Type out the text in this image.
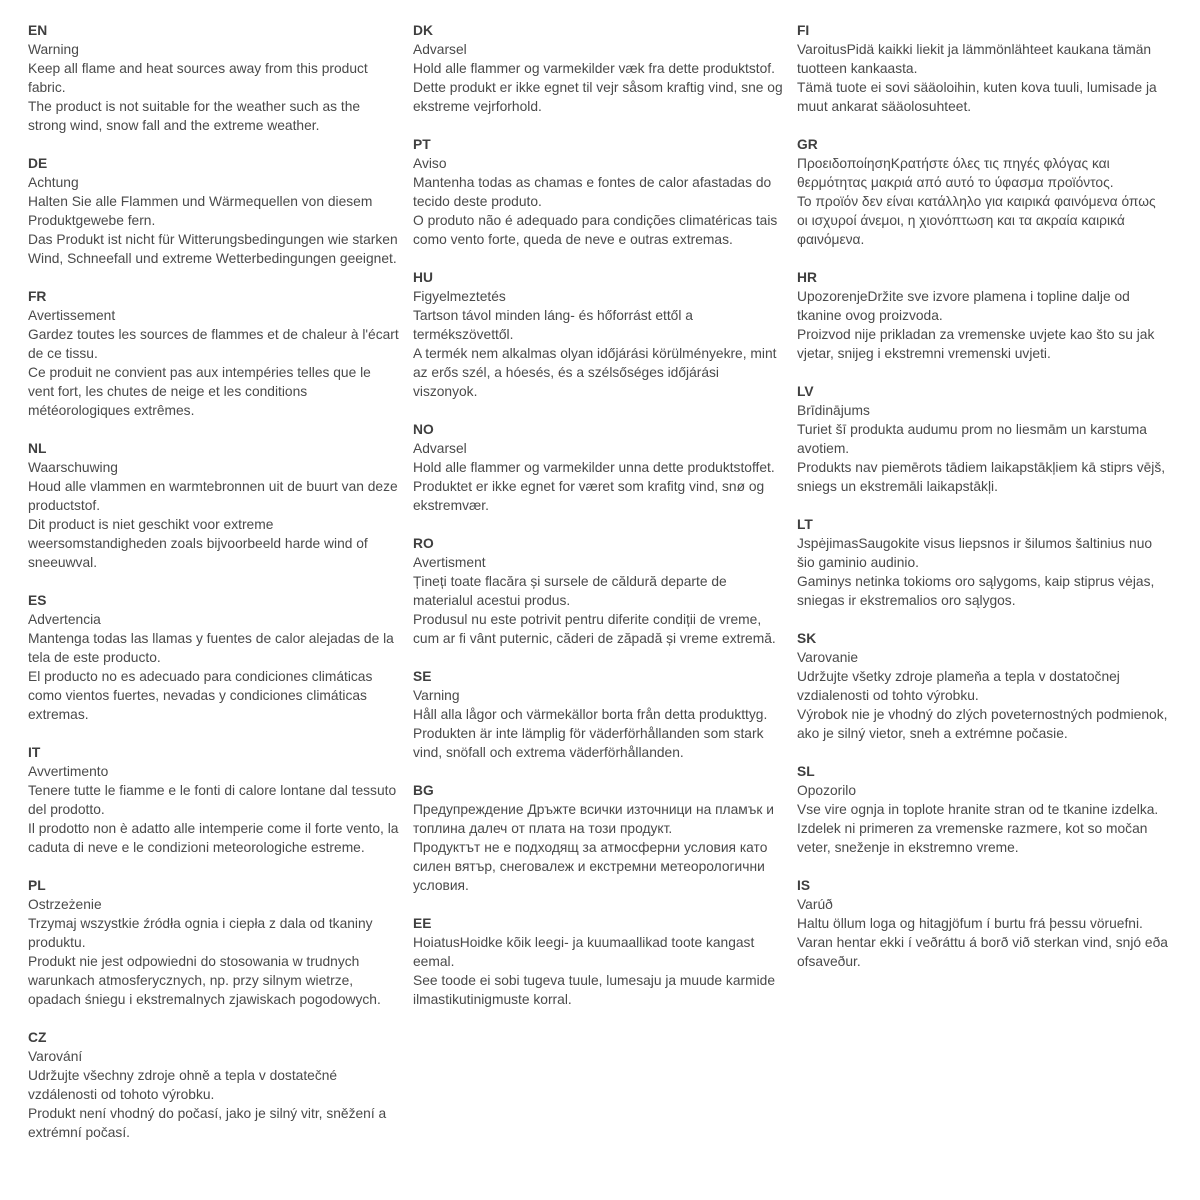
EN

Warning

Keep all flame and heat sources away from this product fabric.

The product is not suitable for the weather such as the strong wind, snow fall and the extreme weather.

DE

Achtung

Halten Sie alle Flammen und Wärmequellen von diesem Produktgewebe fern.

Das Produkt ist nicht für Witterungsbedingungen wie starken Wind, Schneefall und extreme Wetterbedingungen geeignet.

FR

Avertissement

Gardez toutes les sources de flammes et de chaleur à l'écart de ce tissu.

Ce produit ne convient pas aux intempéries telles que le vent fort, les chutes de neige et les conditions météorologiques extrêmes.

NL

Waarschuwing

Houd alle vlammen en warmtebronnen uit de buurt van deze productstof.

Dit product is niet geschikt voor extreme weersomstandigheden zoals bijvoorbeeld harde wind of sneeuwval.

ES

Advertencia

Mantenga todas las llamas y fuentes de calor alejadas de la tela de este producto.

El producto no es adecuado para condiciones climáticas como vientos fuertes, nevadas y condiciones climáticas extremas.

IT

Avvertimento

Tenere tutte le fiamme e le fonti di calore lontane dal tessuto del prodotto.

Il prodotto non è adatto alle intemperie come il forte vento, la caduta di neve e le condizioni meteorologiche estreme.

PL

Ostrzeżenie

Trzymaj wszystkie źródła ognia i ciepła z dala od tkaniny produktu.

Produkt nie jest odpowiedni do stosowania w trudnych warunkach atmosferycznych, np. przy silnym wietrze, opadach śniegu i ekstremalnych zjawiskach pogodowych.

CZ

Varování

Udržujte všechny zdroje ohně a tepla v dostatečné vzdálenosti od tohoto výrobku.

Produkt není vhodný do počasí, jako je silný vitr, sněžení a extrémní počasí.

DK

Advarsel

Hold alle flammer og varmekilder væk fra dette produktstof.

Dette produkt er ikke egnet til vejr såsom kraftig vind, sne og ekstreme vejrforhold.

PT

Aviso

Mantenha todas as chamas e fontes de calor afastadas do tecido deste produto.

O produto não é adequado para condições climatéricas tais como vento forte, queda de neve e outras extremas.

HU

Figyelmeztetés

Tartson távol minden láng- és hőforrást ettől a termékszövettől.

A termék nem alkalmas olyan időjárási körülményekre, mint az erős szél, a hóesés, és a szélsőséges időjárási viszonyok.

NO

Advarsel

Hold alle flammer og varmekilder unna dette produktstoffet.

Produktet er ikke egnet for været som krafitg vind, snø og ekstremvær.

RO

Avertisment

Țineți toate flacăra și sursele de căldură departe de materialul acestui produs.

Produsul nu este potrivit pentru diferite condiții de vreme, cum ar fi vânt puternic, căderi de zăpadă și vreme extremă.

SE

Varning

Håll alla lågor och värmekällor borta från detta produkttyg.

Produkten är inte lämplig för väderförhållanden som stark vind, snöfall och extrema väderförhållanden.

BG

Предупреждение Дръжте всички източници на пламък и топлина далеч от плата на този продукт.

Продуктът не е подходящ за атмосферни условия като силен вятър, снеговалеж и екстремни метеорологични условия.

EE

HoiatusHoidke kõik leegi- ja kuumaallikad toote kangast eemal.

See toode ei sobi tugeva tuule, lumesaju ja muude karmide ilmastikutinigmuste korral.

FI

VaroitusPidä kaikki liekit ja lämmönlähteet kaukana tämän tuotteen kankaasta.

Tämä tuote ei sovi sääoloihin, kuten kova tuuli, lumisade ja muut ankarat sääolosuhteet.

GR

ΠροειδοποίησηΚρατήστε όλες τις πηγές φλόγας και θερμότητας μακριά από αυτό το ύφασμα προϊόντος.

Το προϊόν δεν είναι κατάλληλο για καιρικά φαινόμενα όπως οι ισχυροί άνεμοι, η χιονόπτωση και τα ακραία καιρικά φαινόμενα.

HR

UpozorenjeDržite sve izvore plamena i topline dalje od tkanine ovog proizvoda.

Proizvod nije prikladan za vremenske uvjete kao što su jak vjetar, snijeg i ekstremni vremenski uvjeti.

LV

Brīdinājums

Turiet šī produkta audumu prom no liesmām un karstuma avotiem.

Produkts nav piemērots tādiem laikapstākļiem kā stiprs vējš, sniegs un ekstremāli laikapstākļi.

LT

JspėjimasSaugokite visus liepsnos ir šilumos šaltinius nuo šio gaminio audinio.

Gaminys netinka tokioms oro sąlygoms, kaip stiprus vėjas, sniegas ir ekstremalios oro sąlygos.

SK

Varovanie

Udržujte všetky zdroje plameňa a tepla v dostatočnej vzdialenosti od tohto výrobku.

Výrobok nie je vhodný do zlých poveternostných podmienok, ako je silný vietor, sneh a extrémne počasie.

SL

Opozorilo

Vse vire ognja in toplote hranite stran od te tkanine izdelka.

Izdelek ni primeren za vremenske razmere, kot so močan veter, sneženje in ekstremno vreme.

IS

Varúð

Haltu öllum loga og hitagjöfum í burtu frá þessu vöruefni.

Varan hentar ekki í veðráttu á borð við sterkan vind, snjó eða ofsaveður.
